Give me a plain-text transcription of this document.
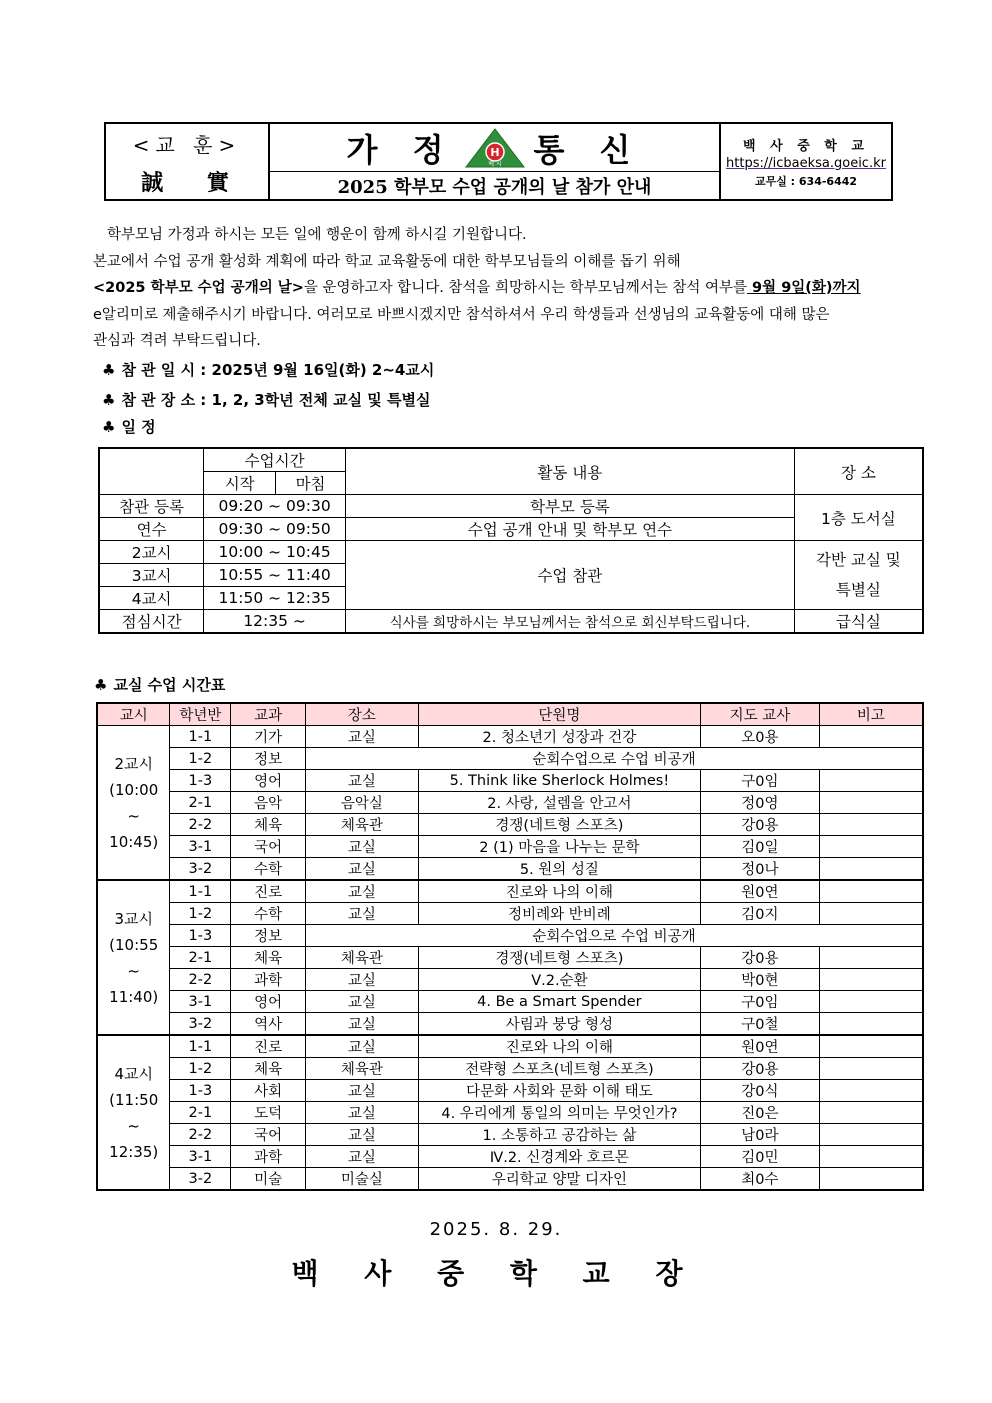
<교 훈>
誠 實
가 정	H
백 시 통 신
2025 학부모 수업 공개의 날 참가 안내
백 사 중 학 교
https://icbaeksa.goeic.kr
교무실 : 634-6442

학부모님 가정과 하시는 모든 일에 행운이 함께 하시길 기원합니다.

본교에서 수업 공개 활성화 계획에 따라 학교 교육활동에 대한 학부모님들의 이해를 돕기 위해

<2025 학부모 수업 공개의 날>을 운영하고자 합니다. 참석을 희망하시는 학부모님께서는 참석 여부를 9월 9일(화)까지

e알리미로 제출해주시기 바랍니다. 여러모로 바쁘시겠지만 참석하셔서 우리 학생들과 선생님의 교육활동에 대해 많은

관심과 격려 부탁드립니다.

♣ 참 관 일 시 : 2025년 9월 16일(화) 2~4교시
♣ 참 관 장 소 : 1, 2, 3학년 전체 교실 및 특별실
♣ 일 정
	수업시간		활동 내용	장 소
	시작	마침		
참관 등록	09:20 ~ 09:30		학부모 등록	1층 도서실
연수	09:30 ~ 09:50		수업 공개 안내 및 학부모 연수	
2교시	10:00 ~ 10:45		수업 참관	각반 교실 및
특별실
3교시	10:55 ~ 11:40			
4교시	11:50 ~ 12:35			
점심시간	12:35 ~		식사를 희망하시는 부모님께서는 참석으로 회신부탁드립니다.	급식실
♣ 교실 수업 시간표
교시	학년반	교과	장소	단원명	지도 교사	비고

2교시
(10:00
~
10:45)	1-1	기가	교실	2. 청소년기 성장과 건강	오0용	
	1-2	정보	순회수업으로 수업 비공개			
	1-3	영어	교실	5. Think like Sherlock Holmes!	구0임	
	2-1	음악	음악실	2. 사랑, 설렘을 안고서	정0영	
	2-2	체육	체육관	경쟁(네트형 스포츠)	강0용	
	3-1	국어	교실	2 (1) 마음을 나누는 문학	김0일	
	3-2	수학	교실	5. 원의 성질	정0나	

3교시
(10:55
~
11:40)	1-1	진로	교실	진로와 나의 이해	원0연	
	1-2	수학	교실	정비례와 반비례	김0지	
	1-3	정보	순회수업으로 수업 비공개			
	2-1	체육	체육관	경쟁(네트형 스포츠)	강0용	
	2-2	과학	교실	Ⅴ.2.순환	박0현	
	3-1	영어	교실	4. Be a Smart Spender	구0임	
	3-2	역사	교실	사림과 붕당 형성	구0철	

4교시
(11:50
~
12:35)	1-1	진로	교실	진로와 나의 이해	원0연	
	1-2	체육	체육관	전략형 스포츠(네트형 스포츠)	강0용	
	1-3	사회	교실	다문화 사회와 문화 이해 태도	강0식	
	2-1	도덕	교실	4. 우리에게 통일의 의미는 무엇인가?	진0은	
	2-2	국어	교실	1. 소통하고 공감하는 삶	남0라	
	3-1	과학	교실	Ⅳ.2. 신경계와 호르몬	김0민	
	3-2	미술	미술실	우리학교 양말 디자인	최0수	
2025. 8. 29.
백 사 중 학 교 장
